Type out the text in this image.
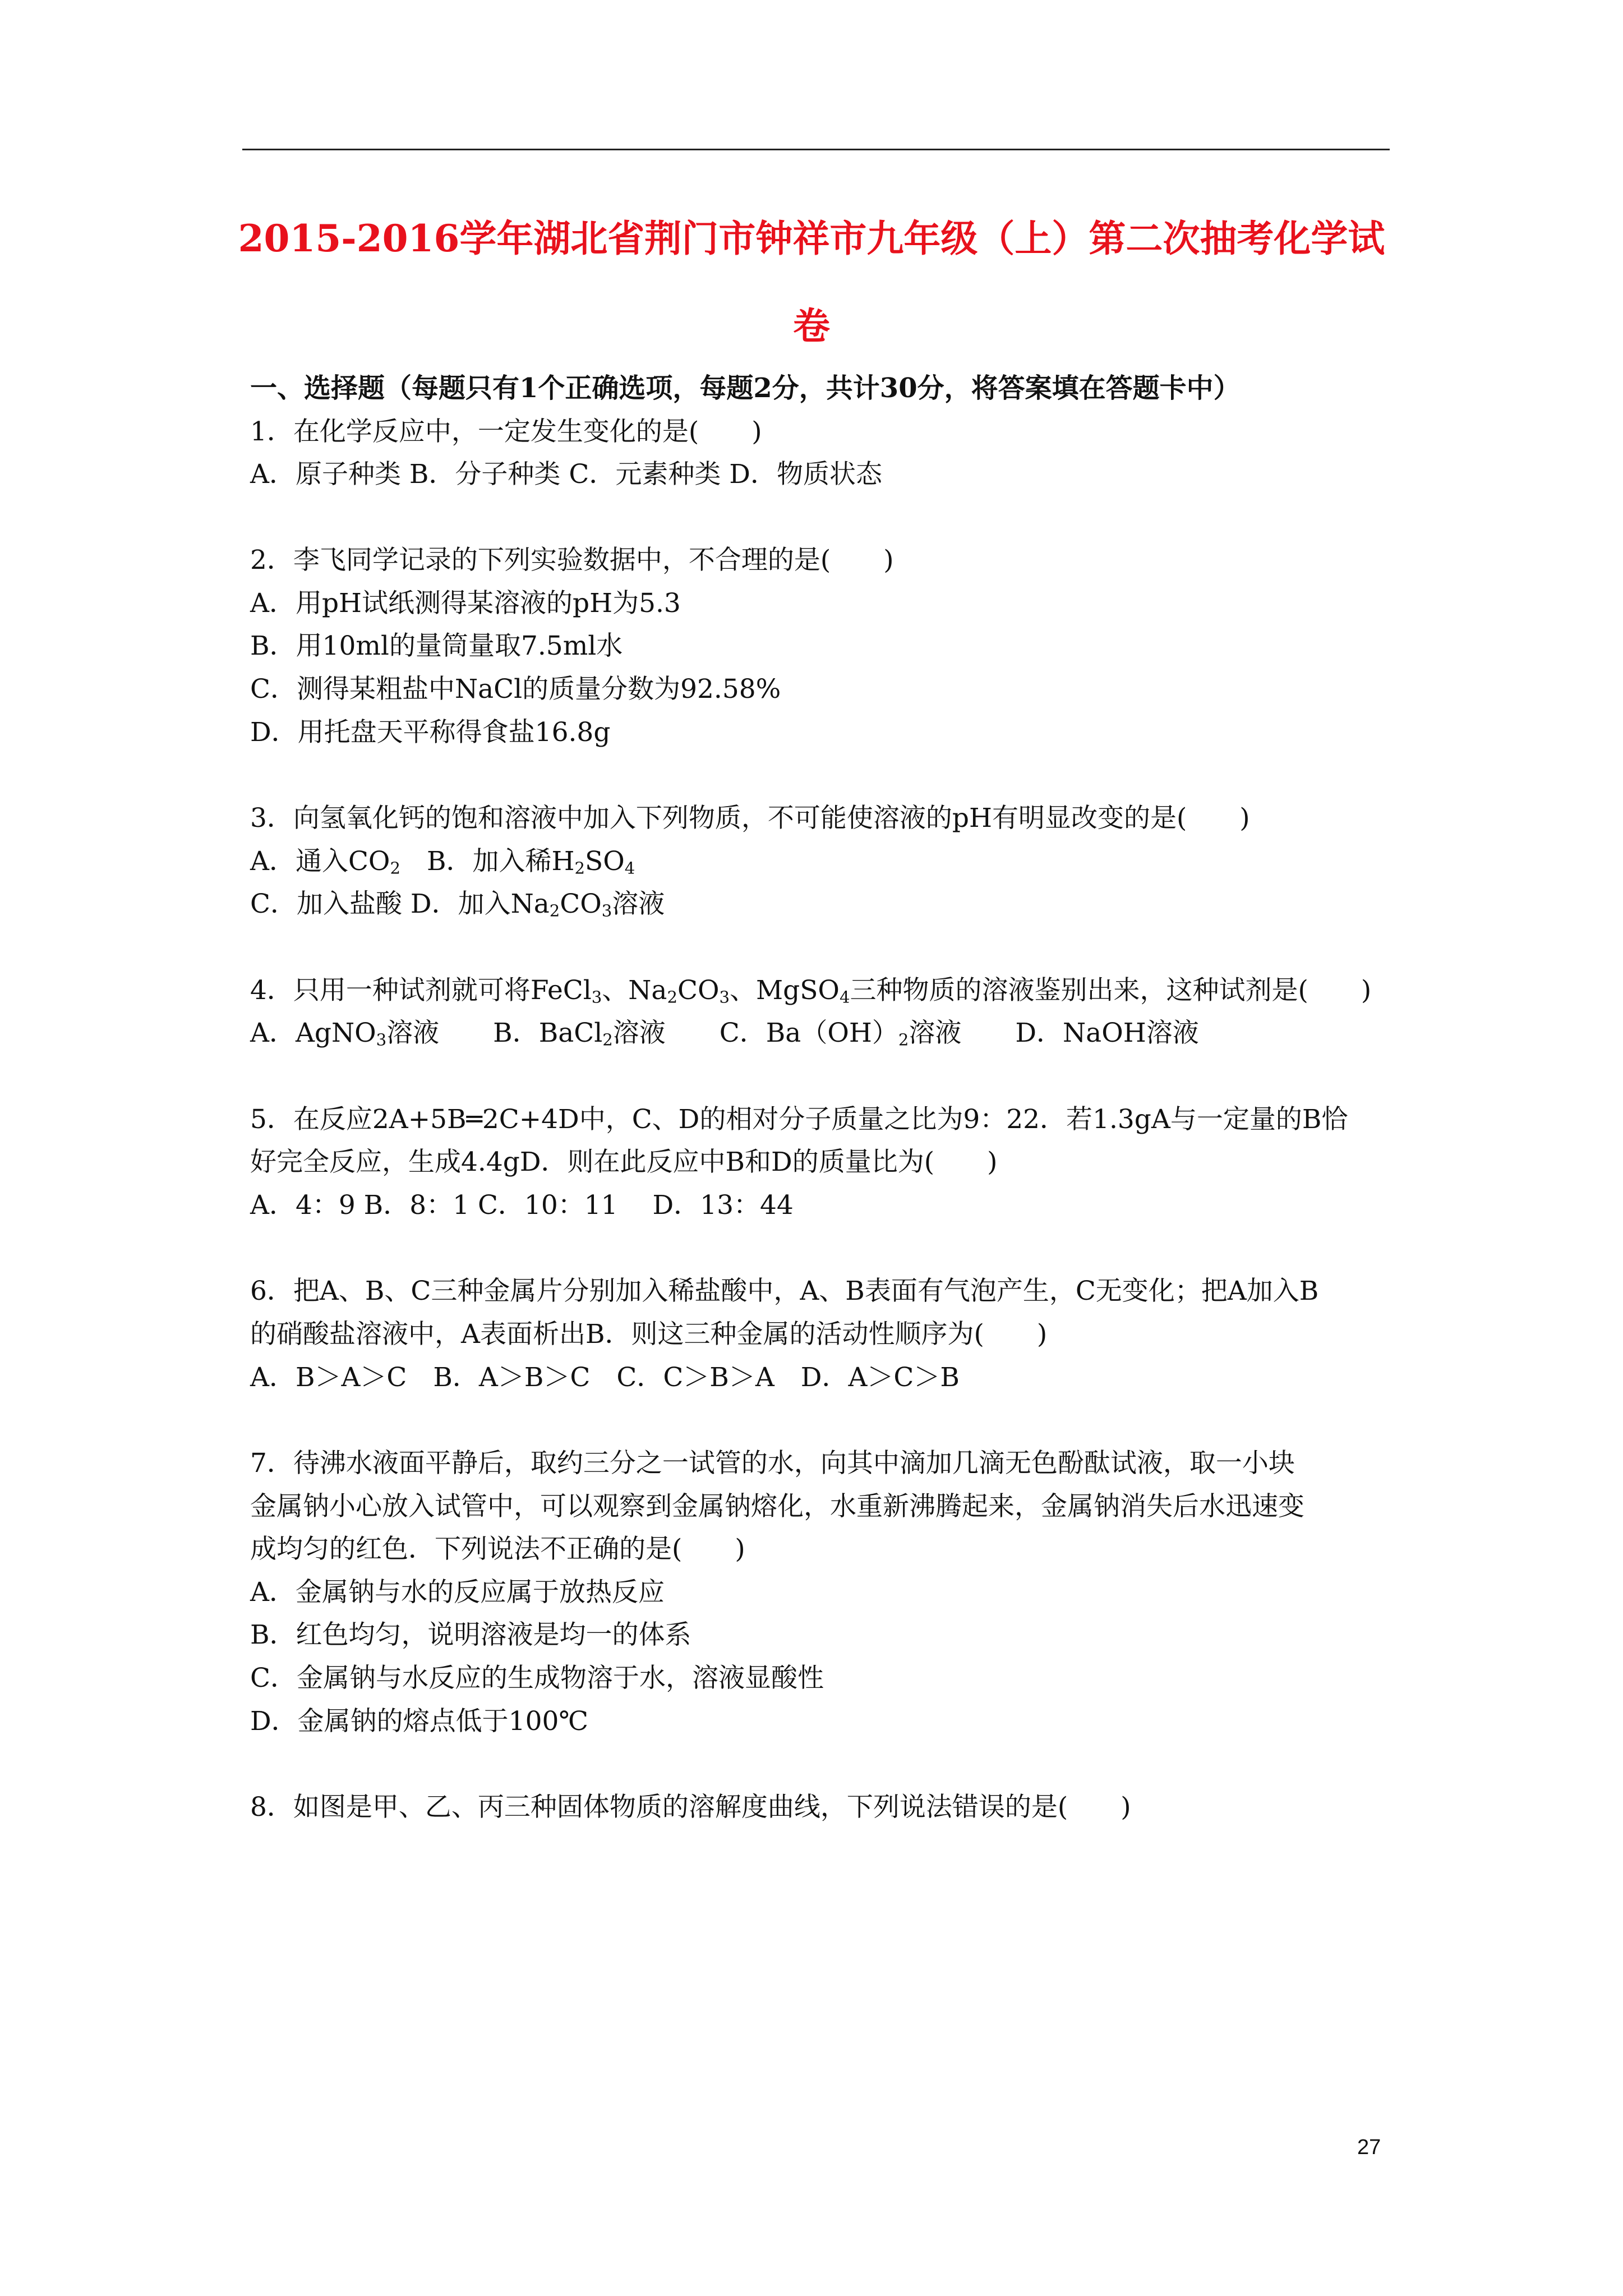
2015-2016学年湖北省荆门市钟祥市九年级（上）第二次抽考化学试
卷
一、选择题（每题只有1个正确选项，每题2分，共计30分，将答案填在答题卡中）
1．在化学反应中，一定发生变化的是(　　)
A．原子种类 B．分子种类 C．元素种类 D．物质状态
2．李飞同学记录的下列实验数据中，不合理的是(　　)
A．用pH试纸测得某溶液的pH为5.3
B．用10ml的量筒量取7.5ml水
C．测得某粗盐中NaCl的质量分数为92.58%
D．用托盘天平称得食盐16.8g
3．向氢氧化钙的饱和溶液中加入下列物质，不可能使溶液的pH有明显改变的是(　　)
A．通入$CO_2$　B．加入稀$H_2SO_4$
C．加入盐酸 D．加入$Na_2CO_3$溶液
4．只用一种试剂就可将FeCl$_3$、$Na_2CO_3$、MgSO$_4$三种物质的溶液鉴别出来，这种试剂是(　　)
A．AgNO$_3$溶液 B．BaCl$_2$溶液 C．$Ba(OH)_2$溶液 D．NaOH溶液
5．在反应2A+5B═2C+4D中，C、D的相对分子质量之比为9：22．若1.3gA与一定量的B恰
好完全反应，生成4.4gD．则在此反应中B和D的质量比为(　　)
A．4：9 B．8：1 C．10：11　 D．13：44
6．把A、B、C三种金属片分别加入稀盐酸中，A、B表面有气泡产生，C无变化；把A加入B
的硝酸盐溶液中，A表面析出B．则这三种金属的活动性顺序为(　　)
A．B＞A＞C　B．A＞B＞C　C．C＞B＞A　D．A＞C＞B
7．待沸水液面平静后，取约三分之一试管的水，向其中滴加几滴无色酚酞试液，取一小块
金属钠小心放入试管中，可以观察到金属钠熔化，水重新沸腾起来，金属钠消失后水迅速变
成均匀的红色．下列说法不正确的是(　　)
A．金属钠与水的反应属于放热反应
B．红色均匀，说明溶液是均一的体系
C．金属钠与水反应的生成物溶于水，溶液显酸性
D．金属钠的熔点低于100℃
8．如图是甲、乙、丙三种固体物质的溶解度曲线，下列说法错误的是(　　)
27
